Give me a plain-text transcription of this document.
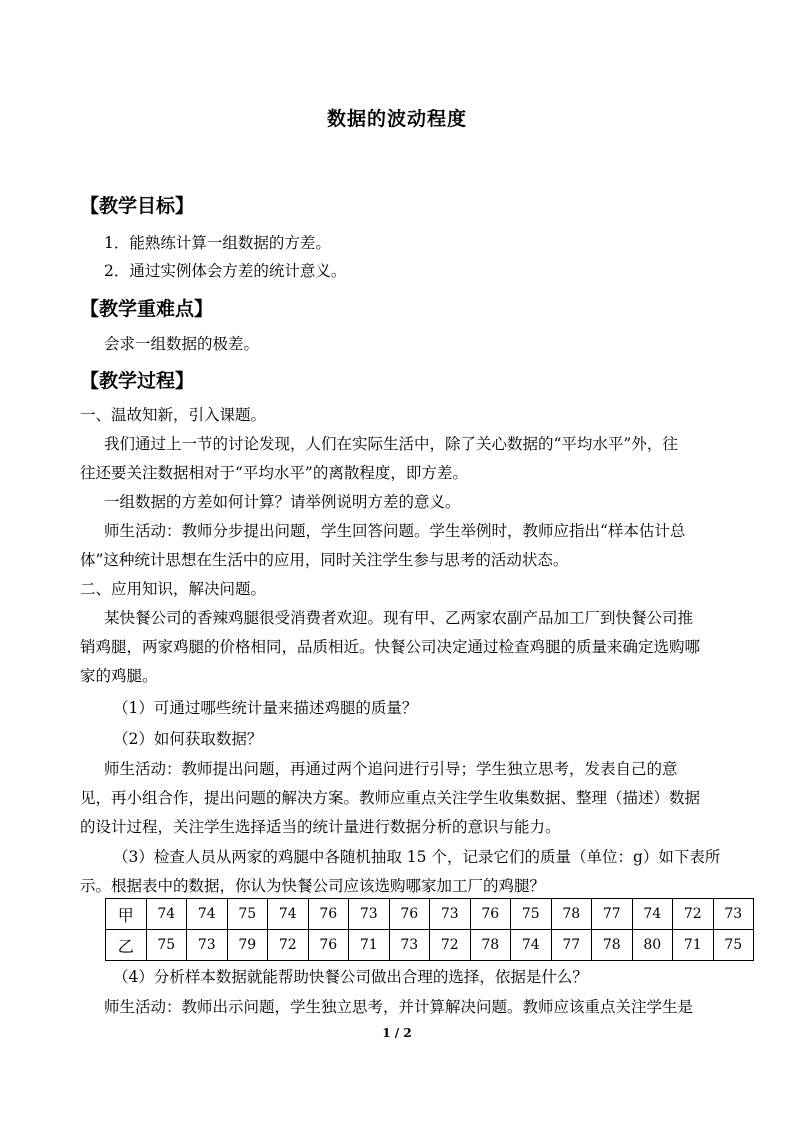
数据的波动程度
【教学目标】
1．能熟练计算一组数据的方差。
2．通过实例体会方差的统计意义。
【教学重难点】
会求一组数据的极差。
【教学过程】
一、温故知新，引入课题。
我们通过上一节的讨论发现，人们在实际生活中，除了关心数据的“平均水平”外，往
往还要关注数据相对于“平均水平”的离散程度，即方差。
一组数据的方差如何计算？请举例说明方差的意义。
师生活动：教师分步提出问题，学生回答问题。学生举例时，教师应指出“样本估计总
体”这种统计思想在生活中的应用，同时关注学生参与思考的活动状态。
二、应用知识，解决问题。
某快餐公司的香辣鸡腿很受消费者欢迎。现有甲、乙两家农副产品加工厂到快餐公司推
销鸡腿，两家鸡腿的价格相同，品质相近。快餐公司决定通过检查鸡腿的质量来确定选购哪
家的鸡腿。
（1）可通过哪些统计量来描述鸡腿的质量？
（2）如何获取数据？
师生活动：教师提出问题，再通过两个追问进行引导；学生独立思考，发表自己的意
见，再小组合作，提出问题的解决方案。教师应重点关注学生收集数据、整理（描述）数据
的设计过程，关注学生选择适当的统计量进行数据分析的意识与能力。
（3）检查人员从两家的鸡腿中各随机抽取 15 个，记录它们的质量（单位：g）如下表所
示。根据表中的数据，你认为快餐公司应该选购哪家加工厂的鸡腿？
甲	74	74	75	74	76	73	76	73	76	75	78	77	74	72	73
乙	75	73	79	72	76	71	73	72	78	74	77	78	80	71	75
（4）分析样本数据就能帮助快餐公司做出合理的选择，依据是什么？
师生活动：教师出示问题，学生独立思考，并计算解决问题。教师应该重点关注学生是
1 / 2
